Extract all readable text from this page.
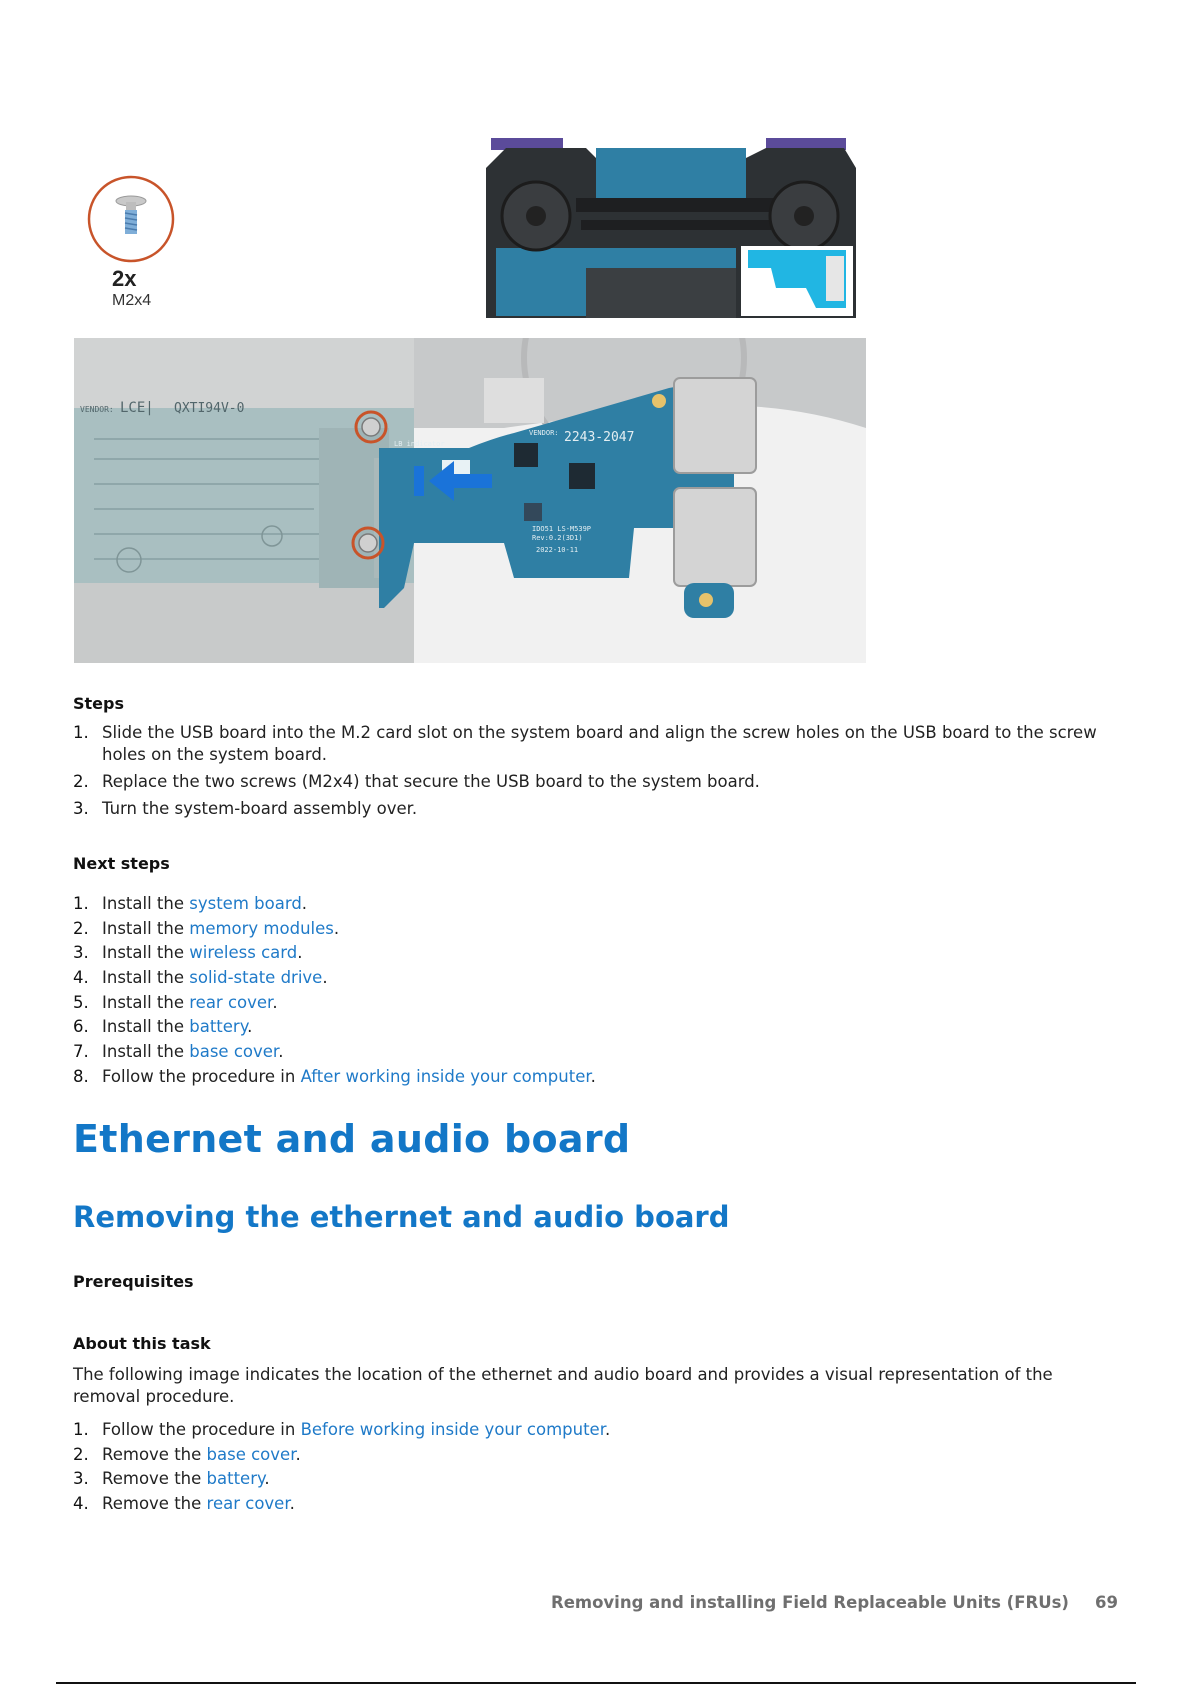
2x
M2x4
VENDOR: LCE| QXTI94V-0
LB indicator
VENDOR: 2243-2047
IDO51 LS-M539P
Rev:0.2(3D1)
2022-10-11
Steps
1. Slide the USB board into the M.2 card slot on the system board and align the screw holes on the USB board to the screw holes on the system board.
2. Replace the two screws (M2x4) that secure the USB board to the system board.
3. Turn the system-board assembly over.
Next steps
1. Install the system board.
2. Install the memory modules.
3. Install the wireless card.
4. Install the solid-state drive.
5. Install the rear cover.
6. Install the battery.
7. Install the base cover.
8. Follow the procedure in After working inside your computer.
Ethernet and audio board
Removing the ethernet and audio board
Prerequisites
About this task
The following image indicates the location of the ethernet and audio board and provides a visual representation of the removal procedure.
1. Follow the procedure in Before working inside your computer.
2. Remove the base cover.
3. Remove the battery.
4. Remove the rear cover.
Removing and installing Field Replaceable Units (FRUs) 69
